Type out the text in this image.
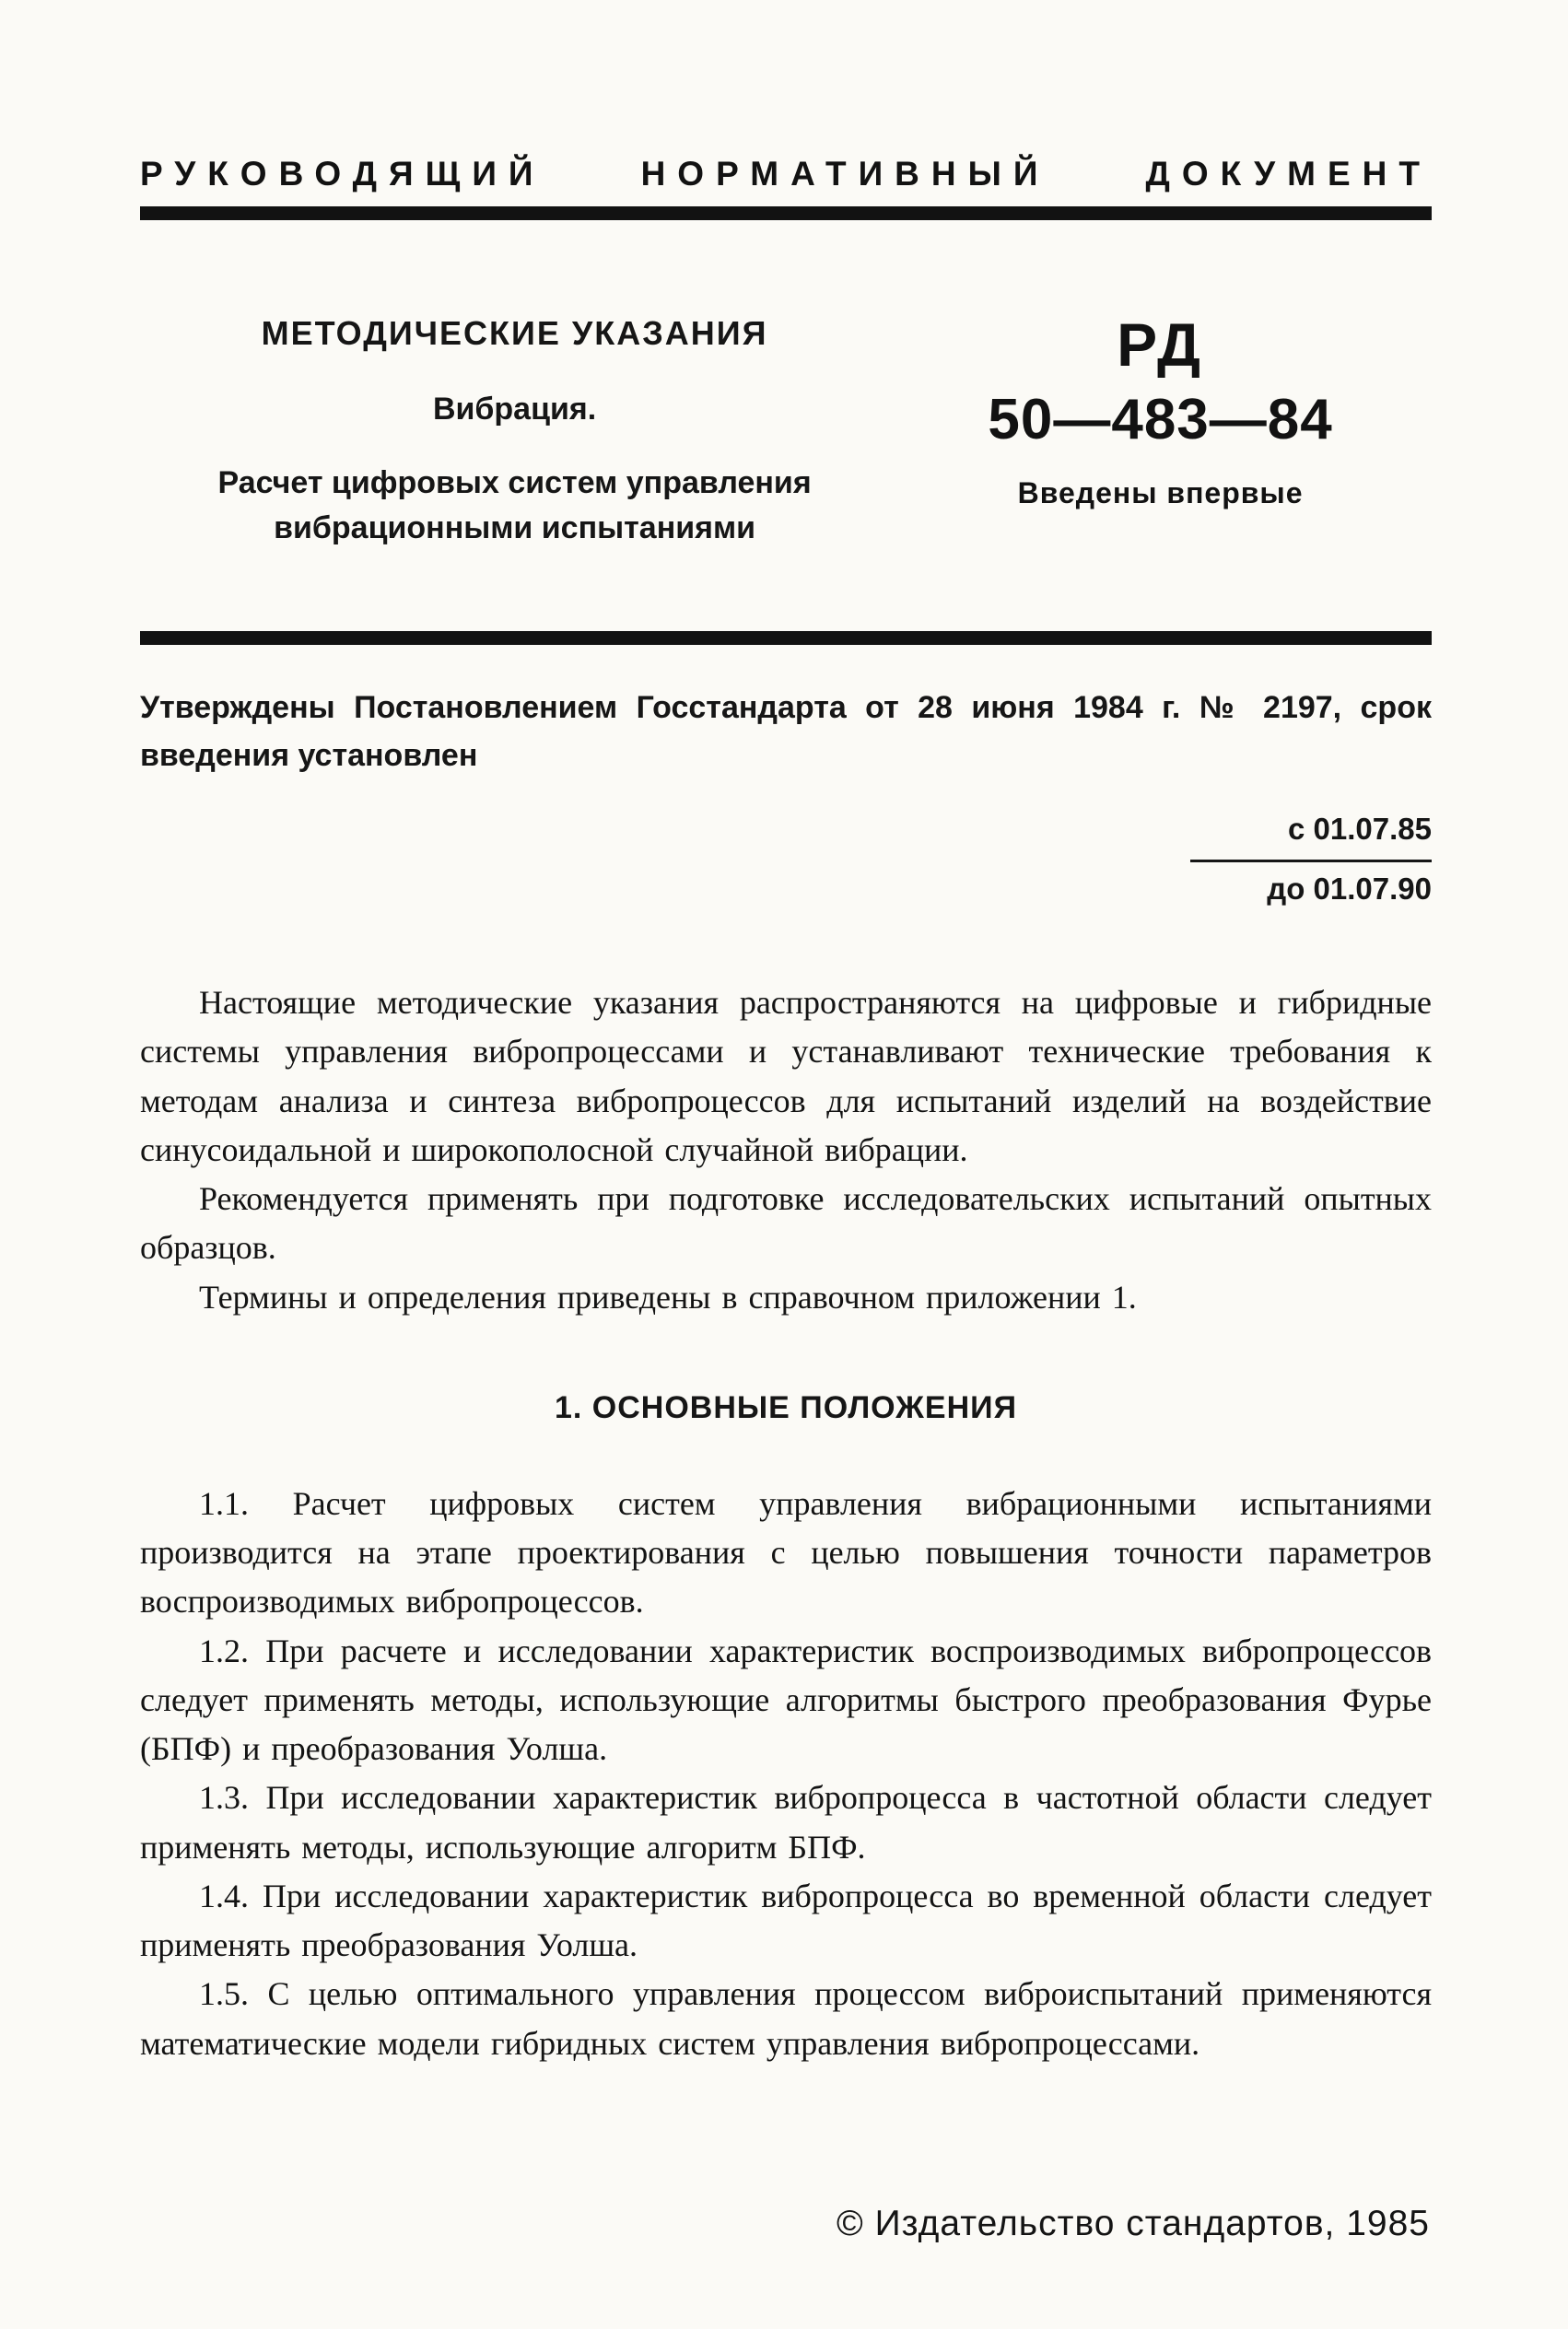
РУКОВОДЯЩИЙ НОРМАТИВНЫЙ ДОКУМЕНТ
МЕТОДИЧЕСКИЕ УКАЗАНИЯ
Вибрация.
Расчет цифровых систем управления
вибрационными испытаниями
РД
50—483—84
Введены впервые

Утверждены Постановлением Госстандарта от 28 июня 1984 г. № 2197, срок введения установлен

с 01.07.85
до 01.07.90

Настоящие методические указания распространяются на цифровые и гибридные системы управления вибропроцессами и устанавливают технические требования к методам анализа и синтеза вибропроцессов для испытаний изделий на воздействие синусоидальной и широкополосной случайной вибрации.

Рекомендуется применять при подготовке исследовательских испытаний опытных образцов.

Термины и определения приведены в справочном приложении 1.

1. ОСНОВНЫЕ ПОЛОЖЕНИЯ

1.1. Расчет цифровых систем управления вибрационными испытаниями производится на этапе проектирования с целью повышения точности параметров воспроизводимых вибропроцессов.

1.2. При расчете и исследовании характеристик воспроизводимых вибропроцессов следует применять методы, использующие алгоритмы быстрого преобразования Фурье (БПФ) и преобразования Уолша.

1.3. При исследовании характеристик вибропроцесса в частотной области следует применять методы, использующие алгоритм БПФ.

1.4. При исследовании характеристик вибропроцесса во временной области следует применять преобразования Уолша.

1.5. С целью оптимального управления процессом виброиспытаний применяются математические модели гибридных систем управления вибропроцессами.

© Издательство стандартов, 1985
